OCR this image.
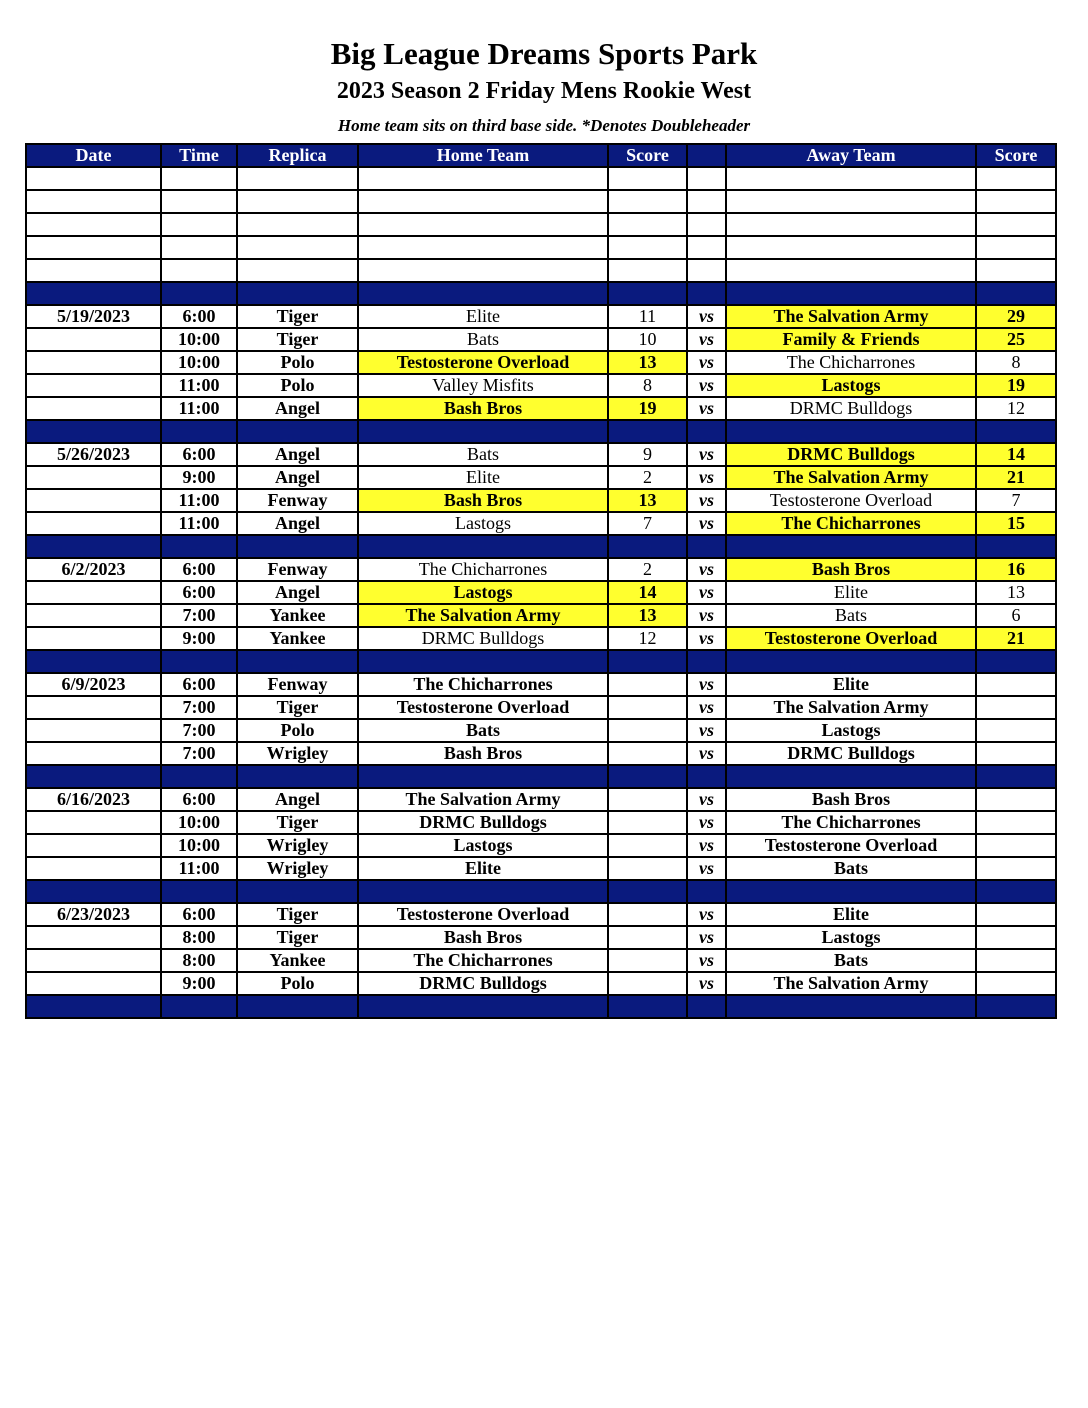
Big League Dreams Sports Park
2023 Season 2 Friday Mens Rookie West
Home team sits on third base side. *Denotes Doubleheader
Date	Time	Replica	Home Team	Score		Away Team	Score

5/19/2023	6:00	Tiger	Elite	11	vs	The Salvation Army	29
	10:00	Tiger	Bats	10	vs	Family & Friends	25
	10:00	Polo	Testosterone Overload	13	vs	The Chicharrones	8
	11:00	Polo	Valley Misfits	8	vs	Lastogs	19
	11:00	Angel	Bash Bros	19	vs	DRMC Bulldogs	12

5/26/2023	6:00	Angel	Bats	9	vs	DRMC Bulldogs	14
	9:00	Angel	Elite	2	vs	The Salvation Army	21
	11:00	Fenway	Bash Bros	13	vs	Testosterone Overload	7
	11:00	Angel	Lastogs	7	vs	The Chicharrones	15

6/2/2023	6:00	Fenway	The Chicharrones	2	vs	Bash Bros	16
	6:00	Angel	Lastogs	14	vs	Elite	13
	7:00	Yankee	The Salvation Army	13	vs	Bats	6
	9:00	Yankee	DRMC Bulldogs	12	vs	Testosterone Overload	21

6/9/2023	6:00	Fenway	The Chicharrones		vs	Elite	
	7:00	Tiger	Testosterone Overload		vs	The Salvation Army	
	7:00	Polo	Bats		vs	Lastogs	
	7:00	Wrigley	Bash Bros		vs	DRMC Bulldogs	

6/16/2023	6:00	Angel	The Salvation Army		vs	Bash Bros	
	10:00	Tiger	DRMC Bulldogs		vs	The Chicharrones	
	10:00	Wrigley	Lastogs		vs	Testosterone Overload	
	11:00	Wrigley	Elite		vs	Bats	

6/23/2023	6:00	Tiger	Testosterone Overload		vs	Elite	
	8:00	Tiger	Bash Bros		vs	Lastogs	
	8:00	Yankee	The Chicharrones		vs	Bats	
	9:00	Polo	DRMC Bulldogs		vs	The Salvation Army	
